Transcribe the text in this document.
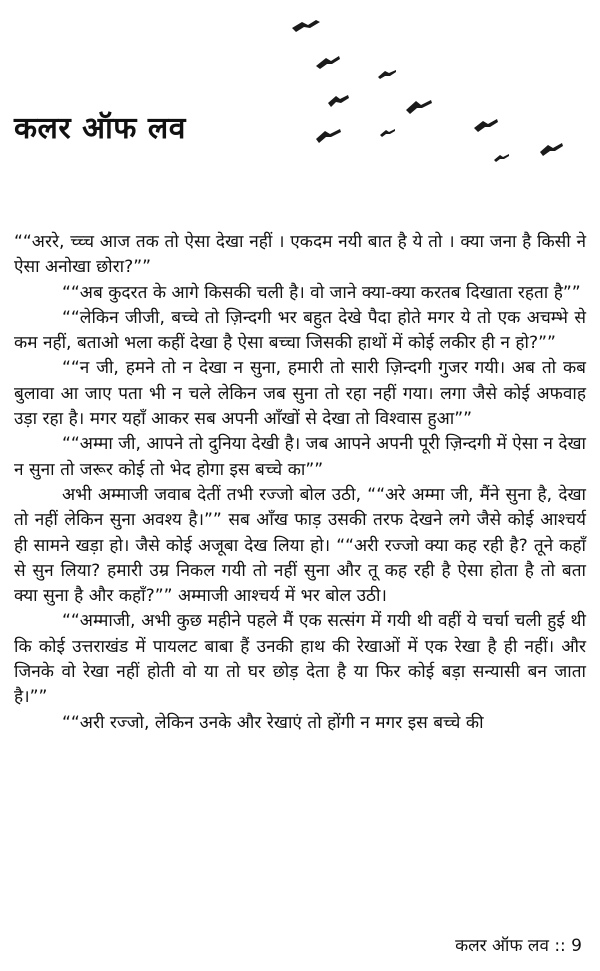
कलर ऑफ लव

““अररे, च्च्च आज तक तो ऐसा देखा नहीं । एकदम नयी बात है ये तो । क्या जना है किसी ने ऐसा अनोखा छोरा?””

““अब कुदरत के आगे किसकी चली है। वो जाने क्या-क्या करतब दिखाता रहता है””

““लेकिन जीजी, बच्चे तो ज़िन्दगी भर बहुत देखे पैदा होते मगर ये तो एक अचम्भे से कम नहीं, बताओ भला कहीं देखा है ऐसा बच्चा जिसकी हाथों में कोई लकीर ही न हो?””

““न जी, हमने तो न देखा न सुना, हमारी तो सारी ज़िन्दगी गुजर गयी। अब तो कब बुलावा आ जाए पता भी न चले लेकिन जब सुना तो रहा नहीं गया। लगा जैसे कोई अफवाह उड़ा रहा है। मगर यहाँ आकर सब अपनी आँखों से देखा तो विश्वास हुआ””

““अम्मा जी, आपने तो दुनिया देखी है। जब आपने अपनी पूरी ज़िन्दगी में ऐसा न देखा न सुना तो जरूर कोई तो भेद होगा इस बच्चे का””

अभी अम्माजी जवाब देतीं तभी रज्जो बोल उठी, ““अरे अम्मा जी, मैंने सुना है, देखा तो नहीं लेकिन सुना अवश्य है।”” सब आँख फाड़ उसकी तरफ देखने लगे जैसे कोई आश्चर्य ही सामने खड़ा हो। जैसे कोई अजूबा देख लिया हो। ““अरी रज्जो क्या कह रही है? तूने कहाँ से सुन लिया? हमारी उम्र निकल गयी तो नहीं सुना और तू कह रही है ऐसा होता है तो बता क्या सुना है और कहाँ?”” अम्माजी आश्चर्य में भर बोल उठी।

““अम्माजी, अभी कुछ महीने पहले मैं एक सत्संग में गयी थी वहीं ये चर्चा चली हुई थी कि कोई उत्तराखंड में पायलट बाबा हैं उनकी हाथ की रेखाओं में एक रेखा है ही नहीं। और जिनके वो रेखा नहीं होती वो या तो घर छोड़ देता है या फिर कोई बड़ा सन्यासी बन जाता है।””

““अरी रज्जो, लेकिन उनके और रेखाएं तो होंगी न मगर इस बच्चे की

कलर ऑफ लव :: 9
